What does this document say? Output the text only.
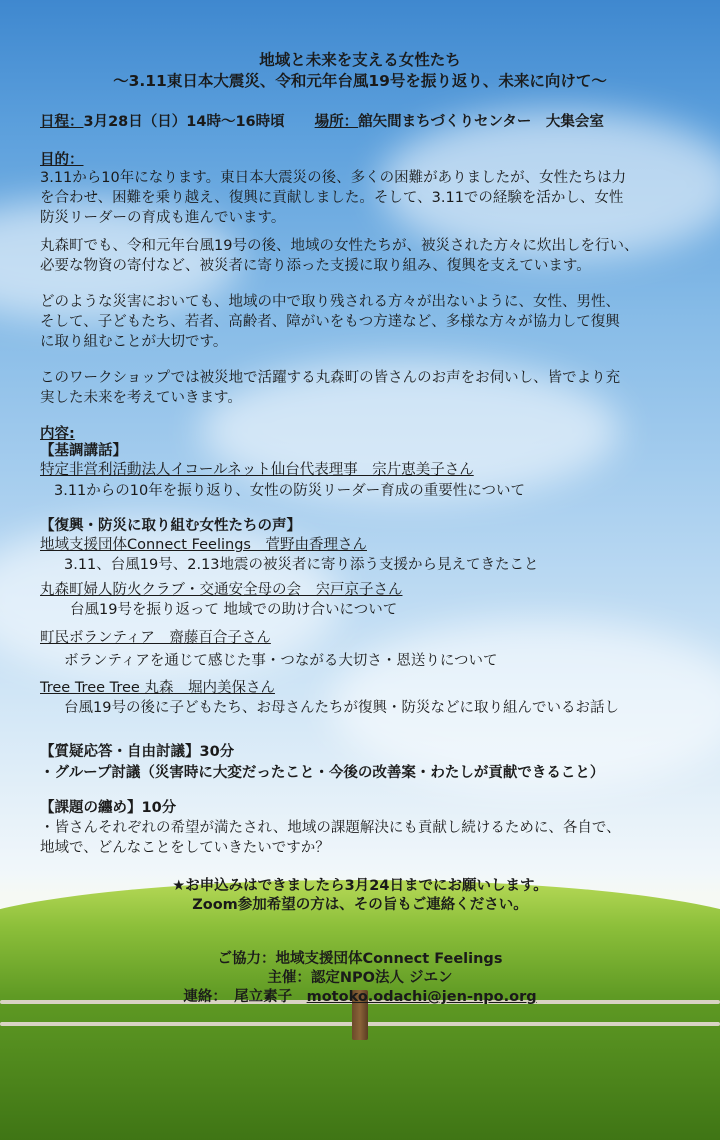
地域と未来を支える女性たち
～3.11東日本大震災、令和元年台風19号を振り返り、未来に向けて～
日程：3月28日（日）14時～16時頃 場所：舘矢間まちづくりセンター　大集会室
目的：
3.11から10年になります。東日本大震災の後、多くの困難がありましたが、女性たちは力
を合わせ、困難を乗り越え、復興に貢献しました。そして、3.11での経験を活かし、女性
防災リーダーの育成も進んでいます。
丸森町でも、令和元年台風19号の後、地域の女性たちが、被災された方々に炊出しを行い、
必要な物資の寄付など、被災者に寄り添った支援に取り組み、復興を支えています。
どのような災害においても、地域の中で取り残される方々が出ないように、女性、男性、
そして、子どもたち、若者、高齢者、障がいをもつ方達など、多様な方々が協力して復興
に取り組むことが大切です。
このワークショップでは被災地で活躍する丸森町の皆さんのお声をお伺いし、皆でより充
実した未来を考えていきます。
内容:
【基調講話】
特定非営利活動法人イコールネット仙台代表理事　宗片恵美子さん
3.11からの10年を振り返り、女性の防災リーダー育成の重要性について
【復興・防災に取り組む女性たちの声】
地域支援団体Connect Feelings　菅野由香理さん
3.11、台風19号、2.13地震の被災者に寄り添う支援から見えてきたこと
丸森町婦人防火クラブ・交通安全母の会　宍戸京子さん
台風19号を振り返って 地域での助け合いについて
町民ボランティア　齋藤百合子さん
ボランティアを通じて感じた事・つながる大切さ・恩送りについて
Tree Tree Tree 丸森　堀内美保さん
台風19号の後に子どもたち、お母さんたちが復興・防災などに取り組んでいるお話し
【質疑応答・自由討議】30分
・グループ討議（災害時に大変だったこと・今後の改善案・わたしが貢献できること）
【課題の纏め】10分
・皆さんそれぞれの希望が満たされ、地域の課題解決にも貢献し続けるために、各自で、
地域で、どんなことをしていきたいですか？
★お申込みはできましたら3月24日までにお願いします。
Zoom参加希望の方は、その旨もご連絡ください。
ご協力：地域支援団体Connect Feelings
主催：認定NPO法人 ジエン
連絡：　尾立素子　motoko.odachi@jen-npo.org
